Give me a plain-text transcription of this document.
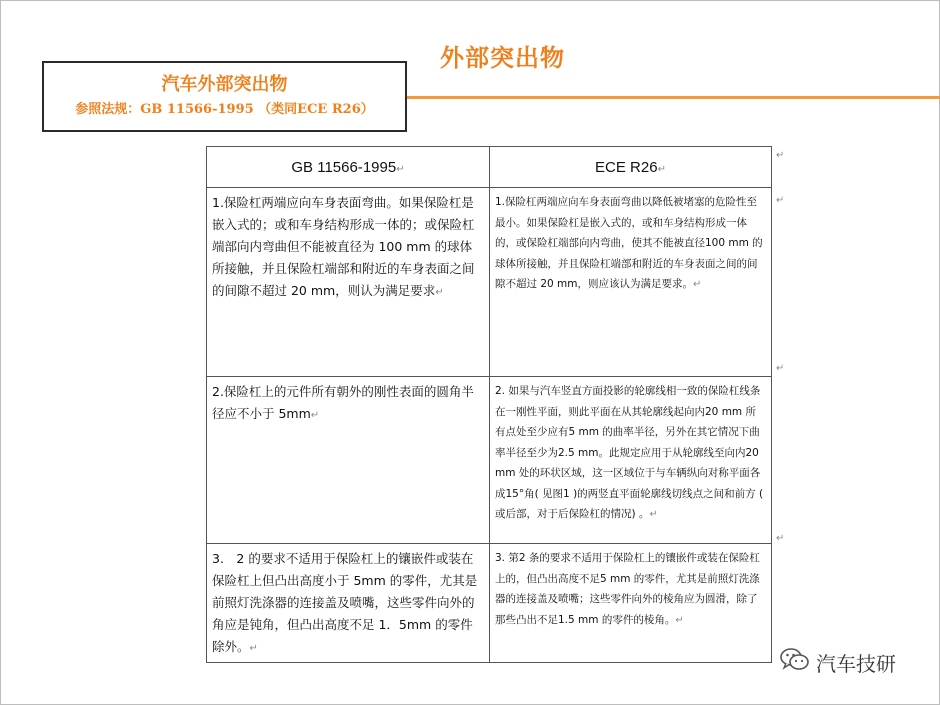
外部突出物
汽车外部突出物
参照法规：GB 11566-1995 （类同ECE R26）
GB 11566-1995↵	ECE R26↵
1.保险杠两端应向车身表面弯曲。如果保险杠是嵌入式的；或和车身结构形成一体的；或保险杠端部向内弯曲但不能被直径为 100 mm 的球体所接触，并且保险杠端部和附近的车身表面之间的间隙不超过 20 mm，则认为满足要求↵	1.保险杠两端应向车身表面弯曲以降低被堵塞的危险性至最小。如果保险杠是嵌入式的，或和车身结构形成一体的，或保险杠端部向内弯曲，使其不能被直径100 mm 的球体所接触，并且保险杠端部和附近的车身表面之间的间隙不超过 20 mm，则应该认为满足要求。↵
2.保险杠上的元件所有朝外的刚性表面的圆角半径应不小于 5mm↵	2. 如果与汽车竖直方面投影的轮廓线相一致的保险杠线条在一刚性平面，则此平面在从其轮廓线起向内20 mm 所有点处至少应有5 mm 的曲率半径，另外在其它情况下曲率半径至少为2.5 mm。此规定应用于从轮廓线至向内20 mm 处的环状区域，这一区域位于与车辆纵向对称平面各成15°角( 见图1 )的两竖直平面轮廓线切线点之间和前方 ( 或后部，对于后保险杠的情况) 。↵
3.　2 的要求不适用于保险杠上的镶嵌件或装在保险杠上但凸出高度小于 5mm 的零件，尤其是前照灯洗涤器的连接盖及喷嘴，这些零件向外的角应是钝角，但凸出高度不足 1．5mm 的零件除外。↵	3. 第2 条的要求不适用于保险杠上的镶嵌件或装在保险杠上的，但凸出高度不足5 mm 的零件，尤其是前照灯洗涤器的连接盖及喷嘴；这些零件向外的棱角应为圆滑，除了那些凸出不足1.5 mm 的零件的棱角。↵
↵
↵
↵
↵
汽车技研
